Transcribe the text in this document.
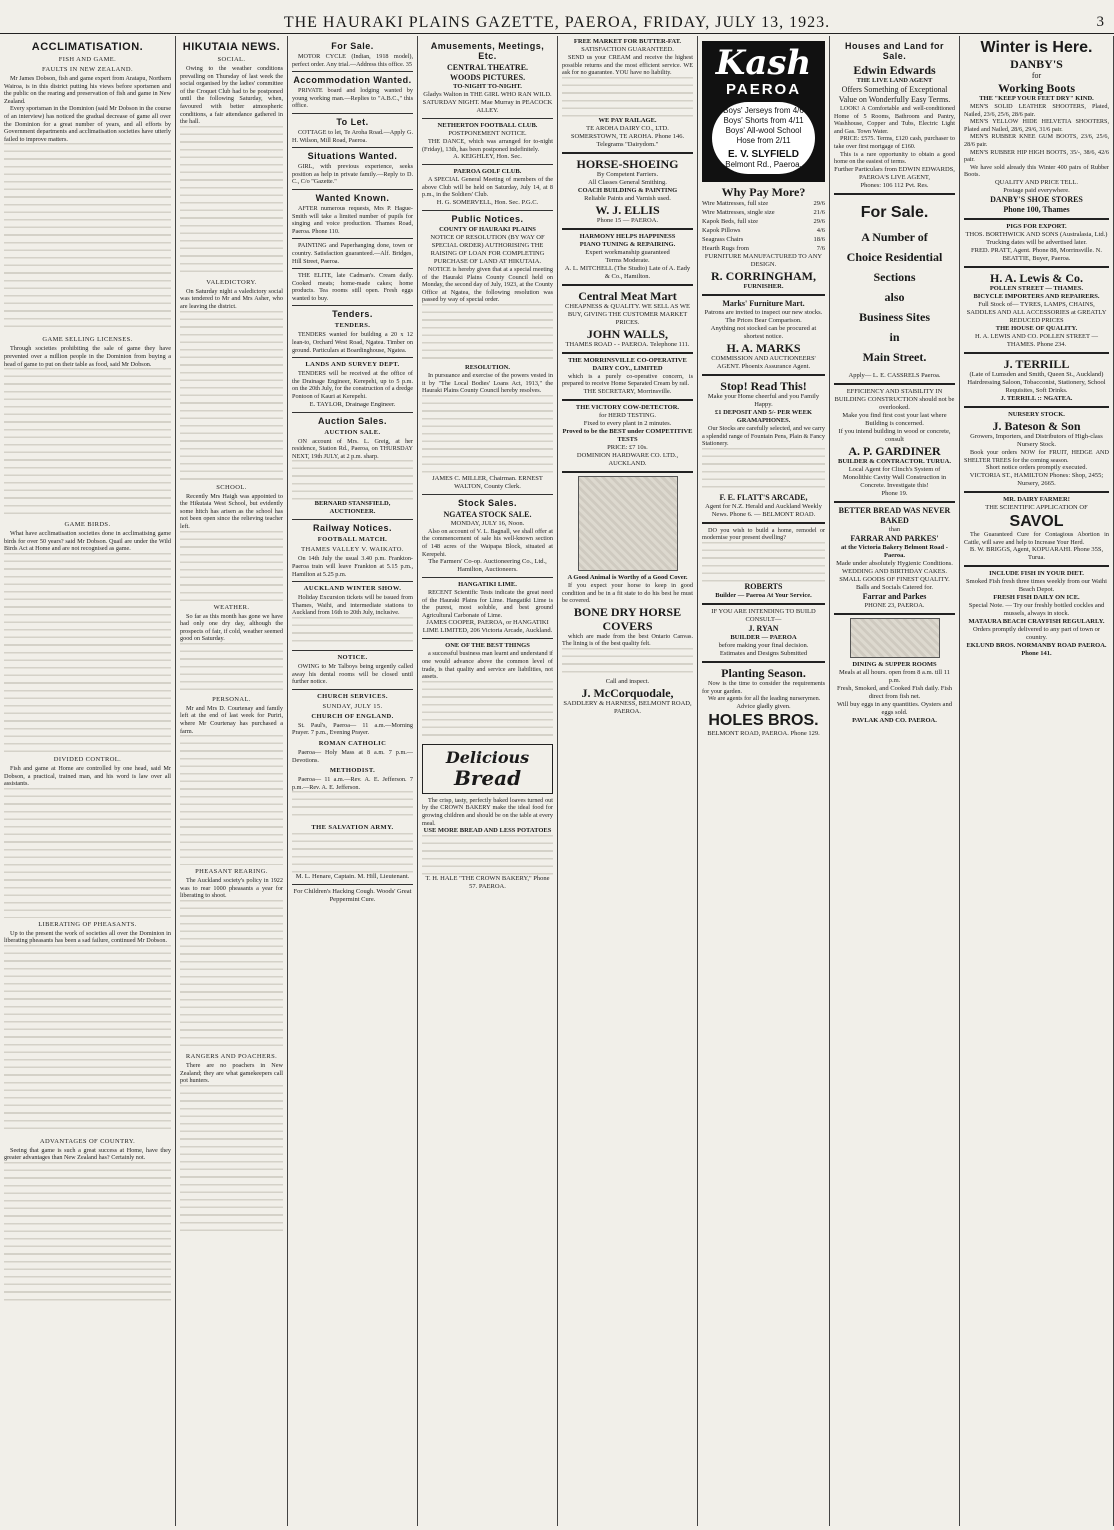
THE HAURAKI PLAINS GAZETTE, PAEROA, FRIDAY, JULY 13, 1923.	3
ACCLIMATISATION.
FISH AND GAME.
FAULTS IN NEW ZEALAND.

Mr James Dobson, fish and game expert from Aratapu, Northern Wairoa, is in this district putting his views before sportsmen and the public on the rearing and preservation of fish and game in New Zealand.

Every sportsman in the Dominion (said Mr Dobson in the course of an interview) has noticed the gradual decrease of game all over the Dominion for a great number of years, and all efforts by Government departments and acclimatisation societies have utterly failed to improve matters.

GAME SELLING LICENSES.

Through societies prohibiting the sale of game they have prevented over a million people in the Dominion from buying a head of game to put on their table as food, said Mr Dobson.

GAME BIRDS.

What have acclimatisation societies done in acclimatising game birds for over 50 years? said Mr Dobson. Quail are under the Wild Birds Act at Home and are not recognised as game.

DIVIDED CONTROL.

Fish and game at Home are controlled by one head, said Mr Dobson, a practical, trained man, and his word is law over all assistants.

LIBERATING OF PHEASANTS.

Up to the present the work of societies all over the Dominion in liberating pheasants has been a sad failure, continued Mr Dobson.

ADVANTAGES OF COUNTRY.

Seeing that game is such a great success at Home, have they greater advantages than New Zealand has? Certainly not.

HIKUTAIA NEWS.
SOCIAL.

Owing to the weather conditions prevailing on Thursday of last week the social organised by the ladies' committee of the Croquet Club had to be postponed until the following Saturday, when, favoured with better atmospheric conditions, a fair attendance gathered in the hall.

VALEDICTORY.

On Saturday night a valedictory social was tendered to Mr and Mrs Asher, who are leaving the district.

SCHOOL.

Recently Mrs Haigh was appointed to the Hikutaia West School, but evidently some hitch has arisen as the school has not been open since the relieving teacher left.

WEATHER.

So far as this month has gone we have had only one dry day, although the prospects of fair, if cold, weather seemed good on Saturday.

PERSONAL.

Mr and Mrs D. Courtenay and family left at the end of last week for Puriri, where Mr Courtenay has purchased a farm.

PHEASANT REARING.

The Auckland society's policy in 1922 was to rear 1000 pheasants a year for liberating to shoot.

RANGERS AND POACHERS.

There are no poachers in New Zealand; they are what gamekeepers call pot hunters.

For Sale.

MOTOR CYCLE (Indian, 1918 model), perfect order. Any trial.—Address this office. 35

Accommodation Wanted.

PRIVATE board and lodging wanted by young working man.—Replies to "A.B.C.," this office.

To Let.

COTTAGE to let, Te Aroha Road.—Apply G. H. Wilson, Mill Road, Paeroa.

Situations Wanted.

GIRL, with previous experience, seeks position as help in private family.—Reply to D. C., C/o "Gazette."

Wanted Known.

AFTER numerous requests, Mrs P. Hague-Smith will take a limited number of pupils for singing and voice production. Thames Road, Paeroa. Phone 110.

PAINTING and Paperhanging done, town or country. Satisfaction guaranteed.—Alf. Bridges, Hill Street, Paeroa.

THE ELITE, late Cadman's. Cream daily. Cooked meats; home-made cakes; home products. Tea rooms still open. Fresh eggs wanted to buy.

Tenders.
TENDERS.

TENDERS wanted for building a 20 x 12 lean-to, Orchard West Road, Ngatea. Timber on ground. Particulars at Boardinghouse, Ngatea.

LANDS AND SURVEY DEPT.

TENDERS will be received at the office of the Drainage Engineer, Kerepehi, up to 5 p.m. on the 20th July, for the construction of a dredge Pontoon of Kauri at Kerepehi.

E. TAYLOR, Drainage Engineer.
Auction Sales.
AUCTION SALE.

ON account of Mrs. L. Greig, at her residence, Station Rd., Paeroa, on THURSDAY NEXT, 19th JULY, at 2 p.m. sharp.

BERNARD STANSFIELD, AUCTIONEER.
Railway Notices.
FOOTBALL MATCH.
THAMES VALLEY V. WAIKATO.

On 14th July the usual 3.40 p.m. Frankton-Paeroa train will leave Frankton at 5.15 p.m., Hamilton at 5.25 p.m.

AUCKLAND WINTER SHOW.

Holiday Excursion tickets will be issued from Thames, Waihi, and intermediate stations to Auckland from 16th to 20th July, inclusive.

NOTICE.

OWING to Mr Talboys being urgently called away his dental rooms will be closed until further notice.

CHURCH SERVICES.
SUNDAY, JULY 15.
CHURCH OF ENGLAND.

St. Paul's, Paeroa— 11 a.m.—Morning Prayer. 7 p.m., Evening Prayer.

ROMAN CATHOLIC

Paeroa— Holy Mass at 8 a.m. 7 p.m.—Devotions.

METHODIST.

Paeroa— 11 a.m.—Rev. A. E. Jefferson. 7 p.m.—Rev. A. E. Jefferson.

THE SALVATION ARMY.

M. L. Henare, Captain. M. Hill, Lieutenant.

For Children's Hacking Cough. Woods' Great Peppermint Cure.

Amusements, Meetings, Etc.
CENTRAL THEATRE.
WOODS PICTURES.
TO-NIGHT TO-NIGHT.
Gladys Walton in THE GIRL WHO RAN WILD.
SATURDAY NIGHT. Mae Murray in PEACOCK ALLEY.
NETHERTON FOOTBALL CLUB.
POSTPONEMENT NOTICE.

THE DANCE, which was arranged for to-night (Friday), 13th, has been postponed indefinitely.

A. KEIGHLEY, Hon. Sec.
PAEROA GOLF CLUB.

A SPECIAL General Meeting of members of the above Club will be held on Saturday, July 14, at 8 p.m., in the Soldiers' Club.

H. G. SOMERVELL, Hon. Sec. P.G.C.
Public Notices.
COUNTY OF HAURAKI PLAINS
NOTICE OF RESOLUTION (BY WAY OF SPECIAL ORDER) AUTHORISING THE RAISING OF LOAN FOR COMPLETING PURCHASE OF LAND AT HIKUTAIA.

NOTICE is hereby given that at a special meeting of the Hauraki Plains County Council held on Monday, the second day of July, 1923, at the County Office at Ngatea, the following resolution was passed by way of special order.

RESOLUTION.

In pursuance and exercise of the powers vested in it by "The Local Bodies' Loans Act, 1913," the Hauraki Plains County Council hereby resolves.

JAMES C. MILLER, Chairman. ERNEST WALTON, County Clerk.
Stock Sales.
NGATEA STOCK SALE.
MONDAY, JULY 16, Noon.

Also on account of V. L. Bagnall, we shall offer at the commencement of sale his well-known section of 148 acres of the Waipapa Block, situated at Kerepehi.

The Farmers' Co-op. Auctioneering Co., Ltd., Hamilton, Auctioneers.
HANGATIKI LIME.

RECENT Scientific Tests indicate the great need of the Hauraki Plains for Lime. Hangatiki Lime is the purest, most soluble, and best ground Agricultural Carbonate of Lime.

JAMES COOPER, PAEROA, or HANGATIKI LIME LIMITED, 206 Victoria Arcade, Auckland.
ONE OF THE BEST THINGS

a successful business man learnt and understand if one would advance above the common level of trade, is that quality and service are liabilities, not assets.

Delicious
Bread

The crisp, tasty, perfectly baked loaves turned out by the CROWN BAKERY make the ideal food for growing children and should be on the table at every meal.

USE MORE BREAD AND LESS POTATOES
T. H. HALE "THE CROWN BAKERY," Phone 57. PAEROA.
FREE MARKET FOR BUTTER-FAT.
SATISFACTION GUARANTEED.

SEND us your CREAM and receive the highest possible returns and the most efficient service. WE ask for no guarantee. YOU have no liability.

WE PAY RAILAGE.
TE AROHA DAIRY CO., LTD. SOMERSTOWN, TE AROHA. Phone 146. Telegrams "Dairydom."
HORSE-SHOEING
By Competent Farriers.
All Classes General Smithing.
COACH BUILDING & PAINTING
Reliable Paints and Varnish used.
W. J. ELLIS
Phone 15 — PAEROA.
HARMONY HELPS HAPPINESS
PIANO TUNING & REPAIRING.
Expert workmanship guaranteed
Terms Moderate.
A. L. MITCHELL (The Studio) Late of A. Eady & Co., Hamilton.
Central Meat Mart
CHEAPNESS & QUALITY. WE SELL AS WE BUY, GIVING THE CUSTOMER MARKET PRICES.
JOHN WALLS,
THAMES ROAD - - PAEROA. Telephone 111.
THE MORRINSVILLE CO-OPERATIVE DAIRY COY., LIMITED

which is a purely co-operative concern, is prepared to receive Home Separated Cream by rail.

THE SECRETARY, Morrinsville.
THE VICTORY COW-DETECTOR.
for HERD TESTING.
Fixed to every plant in 2 minutes.
Proved to be the BEST under COMPETITIVE TESTS
PRICE: £7 10s.
DOMINION HARDWARE CO. LTD., AUCKLAND.
A Good Animal is Worthy of a Good Cover.

If you expect your horse to keep in good condition and be in a fit state to do his best he must be covered.

BONE DRY HORSE COVERS

which are made from the best Ontario Canvas. The lining is of the best quality felt.

Call and inspect.
J. McCorquodale,
SADDLERY & HARNESS, BELMONT ROAD, PAEROA.
Kash
PAEROA
Boys' Jerseys from 4/6
Boys' Shorts from 4/11
Boys' All-wool School Hose from 2/11
E. V. SLYFIELD
Belmont Rd., Paeroa.
Why Pay More?
Wire Mattresses, full size	29/6
Wire Mattresses, single size	21/6
Kapok Beds, full size	29/6
Kapok Pillows	4/6
Seagrass Chairs	18/6
Hearth Rugs from	7/6
FURNITURE MANUFACTURED TO ANY DESIGN.
R. CORRINGHAM,
FURNISHER.
Marks' Furniture Mart.
Patrons are invited to inspect our new stocks.
The Prices Bear Comparison.
Anything not stocked can be procured at shortest notice.
H. A. MARKS
COMMISSION AND AUCTIONEERS' AGENT. Phoenix Assurance Agent.
Stop! Read This!
Make your Home cheerful and you Family Happy.
£1 DEPOSIT AND 5/- PER WEEK
GRAMAPHONES.

Our Stocks are carefully selected, and we carry a splendid range of Fountain Pens, Plain & Fancy Stationery.

F. E. FLATT'S ARCADE,
Agent for N.Z. Herald and Auckland Weekly News. Phone 6. — BELMONT ROAD.

DO you wish to build a home, remodel or modernise your present dwelling?

ROBERTS
Builder — Paeroa At Your Service.
IF YOU ARE INTENDING TO BUILD CONSULT—
J. RYAN
BUILDER — PAEROA
before making your final decision.
Estimates and Designs Submitted
Planting Season.

Now is the time to consider the requirements for your garden.

We are agents for all the leading nurserymen.

Advice gladly given.
HOLES BROS.
BELMONT ROAD, PAEROA. Phone 129.
Houses and Land for Sale.
Edwin Edwards
THE LIVE LAND AGENT
Offers Something of Exceptional Value on Wonderfully Easy Terms.

LOOK! A Comfortable and well-conditioned Home of 5 Rooms, Bathroom and Pantry, Washhouse, Copper and Tubs, Electric Light and Gas. Town Water.

PRICE: £575. Terms, £120 cash, purchaser to take over first mortgage of £160.

This is a rare opportunity to obtain a good home on the easiest of terms.

Further Particulars from EDWIN EDWARDS, PAEROA'S LIVE AGENT,
Phones: 106 112 Pvt. Res.
For Sale.
A Number of
Choice Residential
Sections
also
Business Sites
in
Main Street.
Apply— L. E. CASSRELS Paeroa.
EFFICIENCY AND STABILITY IN BUILDING CONSTRUCTION should not be overlooked.
Make you find first cost your last where Building is concerned.
If you intend building in wood or concrete, consult
A. P. GARDINER
BUILDER & CONTRACTOR. TURUA.
Local Agent for Clinch's System of Monolithic Cavity Wall Construction in Concrete. Investigate this!
Phone 19.
BETTER BREAD WAS NEVER BAKED
than
FARRAR AND PARKES'
at the Victoria Bakery Belmont Road - Paeroa.
Made under absolutely Hygienic Conditions.
WEDDING AND BIRTHDAY CAKES.
SMALL GOODS OF FINEST QUALITY.
Balls and Socials Catered for.
Farrar and Parkes
PHONE 23, PAEROA.
DINING & SUPPER ROOMS
Meals at all hours. open from 8 a.m. till 11 p.m.
Fresh, Smoked, and Cooked Fish daily. Fish direct from fish net.
Will buy eggs in any quantities. Oysters and eggs sold.
PAVLAK AND CO. PAEROA.
Winter is Here.
DANBY'S
for
Working Boots
THE "KEEP YOUR FEET DRY" KIND.

MEN'S SOLID LEATHER SHOOTERS, Plated, Nailed, 23/6, 25/6, 28/6 pair.

MEN'S YELLOW HIDE HELVETIA SHOOTERS, Plated and Nailed, 28/6, 29/6, 31/6 pair.

MEN'S RUBBER KNEE GUM BOOTS, 23/6, 25/6, 28/6 pair.

MEN'S RUBBER HIP HIGH BOOTS, 35/-, 38/6, 42/6 pair.

We have sold already this Winter 400 pairs of Rubber Boots.

QUALITY AND PRICE TELL.
Postage paid everywhere.
DANBY'S SHOE STORES
Phone 100, Thames
PIGS FOR EXPORT.
THOS. BORTHWICK AND SONS (Australasia, Ltd.)
Trucking dates will be advertised later.
FRED. PRATT, Agent. Phone 88, Morrinsville. N. BEATTIE, Buyer, Paeroa.
H. A. Lewis & Co.
POLLEN STREET — THAMES.
BICYCLE IMPORTERS AND REPAIRERS.
Full Stock of— TYRES, LAMPS, CHAINS, SADDLES AND ALL ACCESSORIES at GREATLY REDUCED PRICES
THE HOUSE OF QUALITY.
H. A. LEWIS AND CO. POLLEN STREET — THAMES. Phone 234.
J. TERRILL
(Late of Lumsden and Smith, Queen St., Auckland) Hairdressing Saloon, Tobacconist, Stationery, School Requisites, Soft Drinks.
J. TERRILL :: NGATEA.
NURSERY STOCK.
J. Bateson & Son
Growers, Importers, and Distributors of High-class Nursery Stock.

Book your orders NOW for FRUIT, HEDGE AND SHELTER TREES for the coming season.

Short notice orders promptly executed.
VICTORIA ST., HAMILTON Phones: Shop, 2455; Nursery, 2665.
MR. DAIRY FARMER!
THE SCIENTIFIC APPLICATION OF
SAVOL

The Guaranteed Cure for Contagious Abortion in Cattle, will save and help to Increase Your Herd.

B. W. BRIGGS, Agent, KOPUARAHI. Phone 35S, Turua.
INCLUDE FISH IN YOUR DIET.
Smoked Fish fresh three times weekly from our Waihi Beach Depot.
FRESH FISH DAILY ON ICE.
Special Note. — Try our freshly bottled cockles and mussels, always in stock.
MATAURA BEACH CRAYFISH REGULARLY.
Orders promptly delivered to any part of town or country.
EKLUND BROS. NORMANBY ROAD PAEROA. Phone 141.
